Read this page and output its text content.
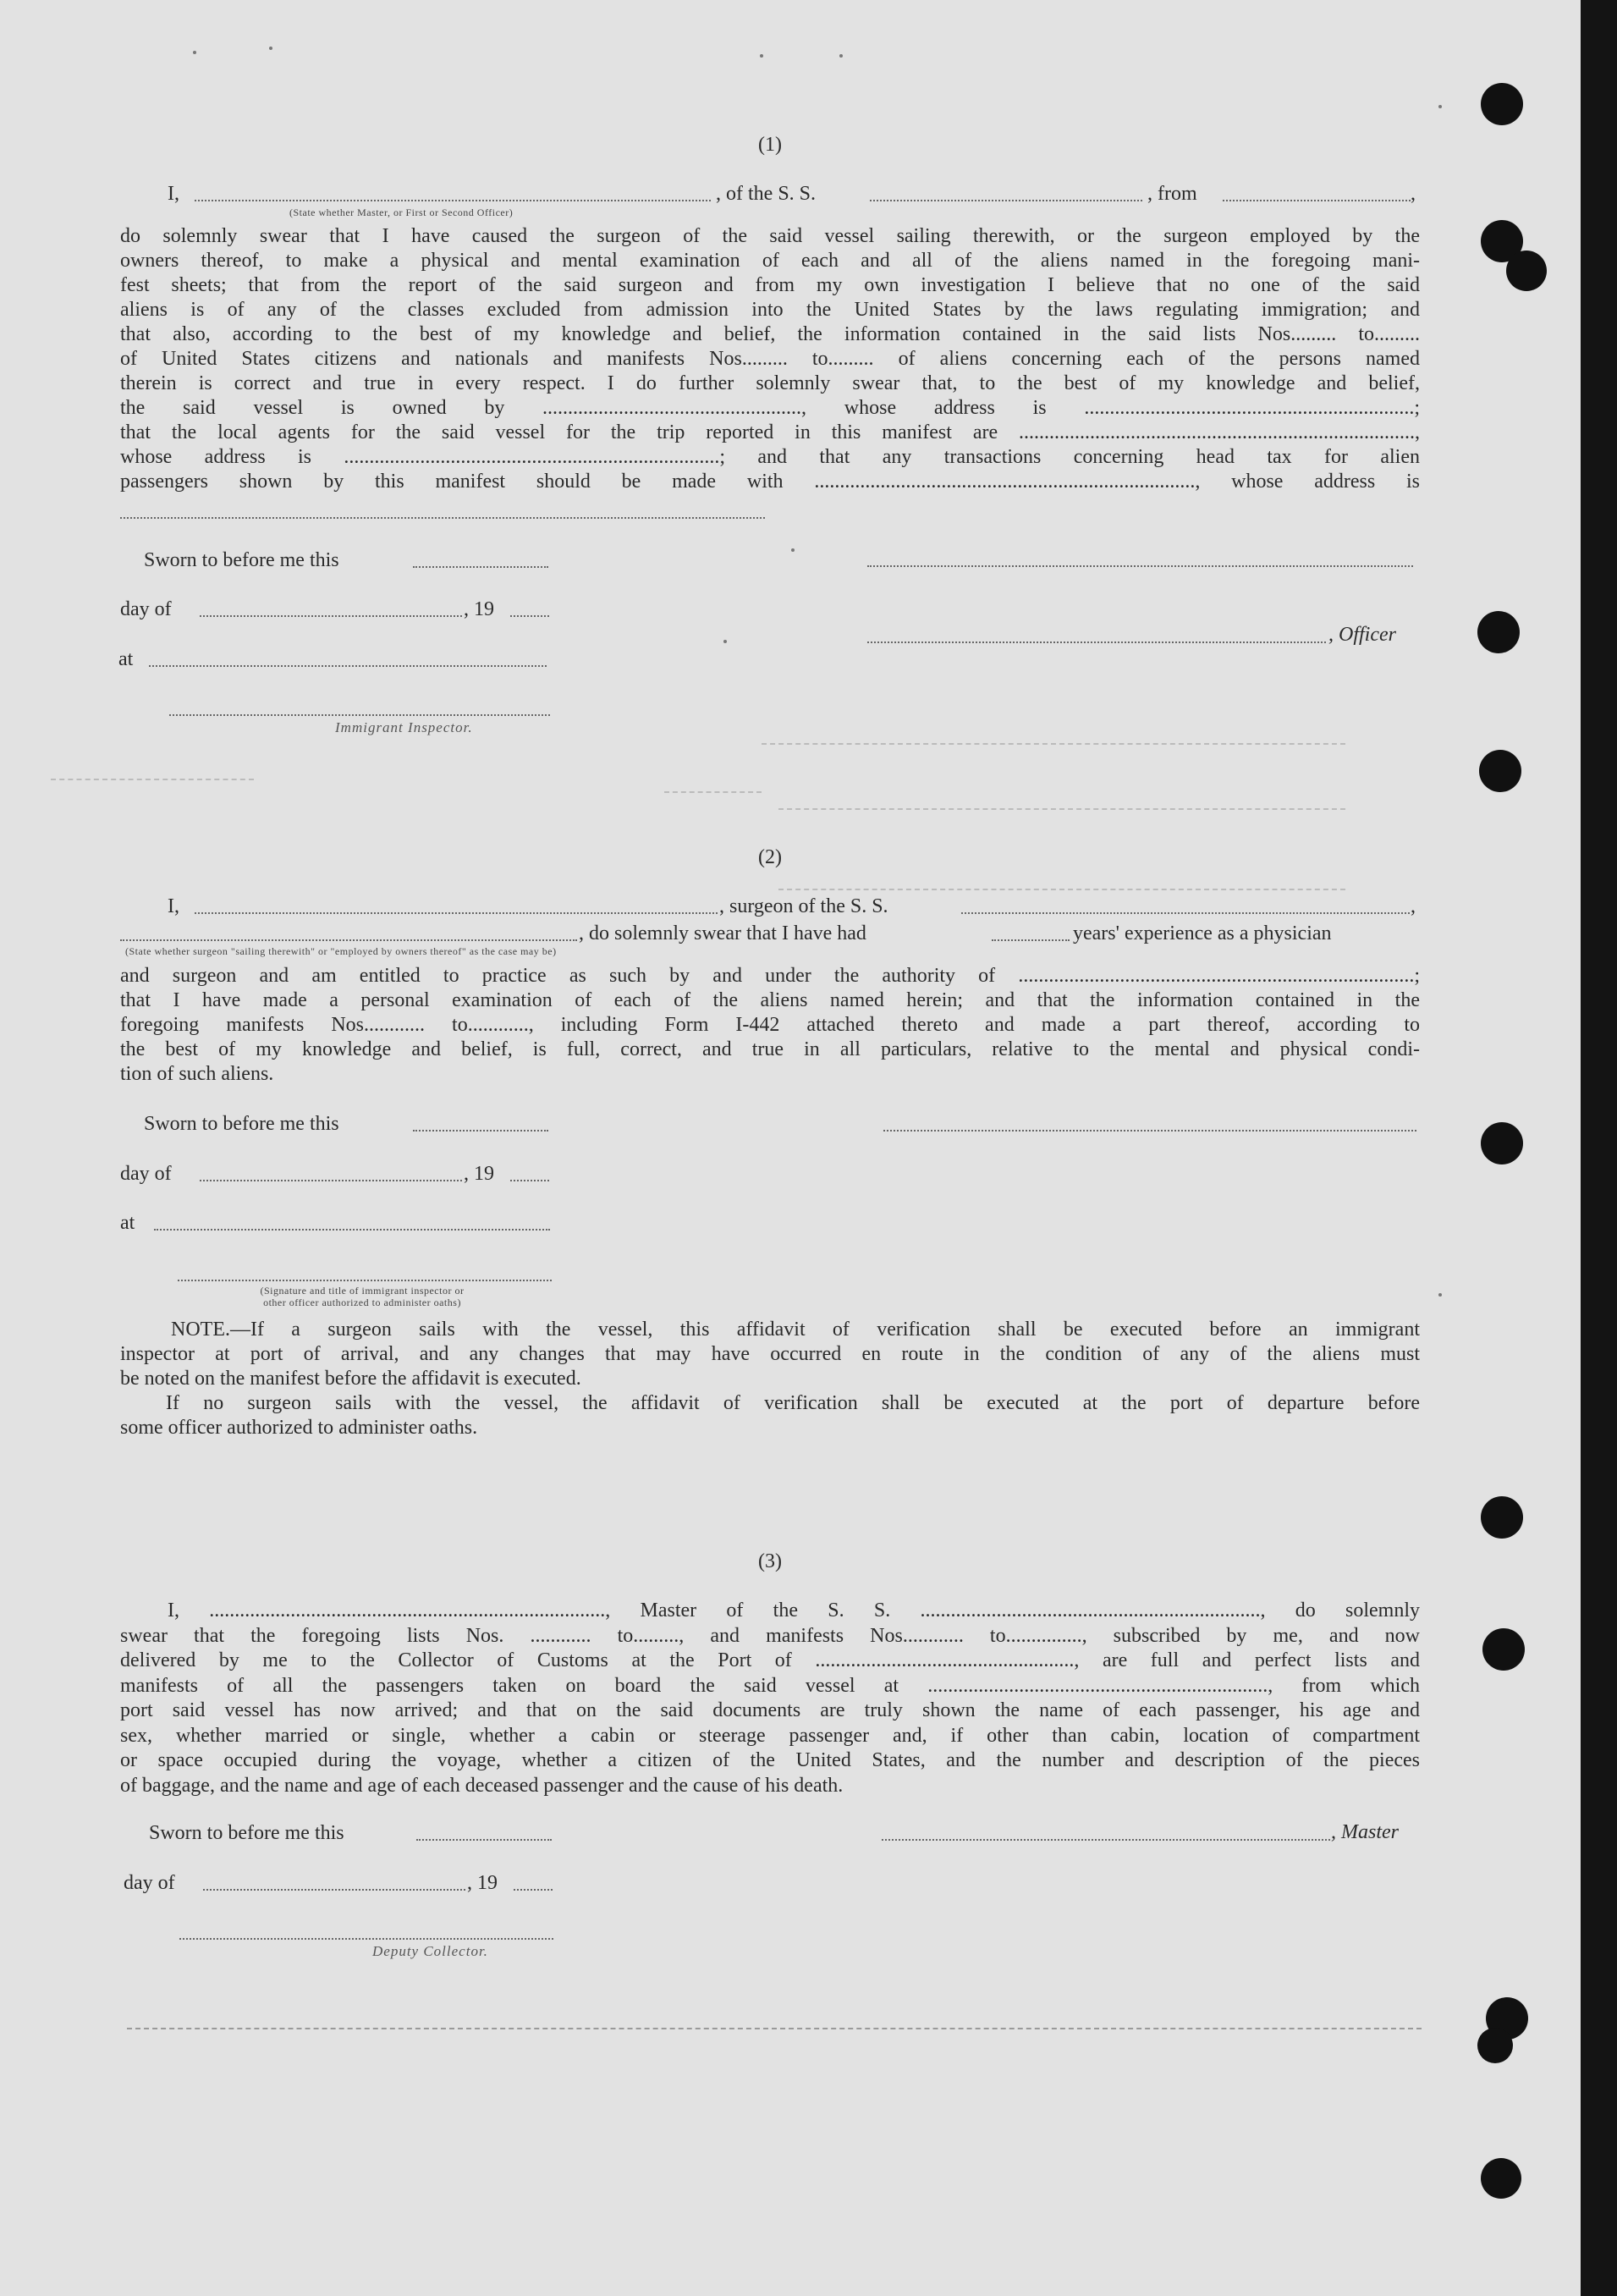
(1)
I,	, of the S. S.	, from	,
(State whether Master, or First or Second Officer)

do solemnly swear that I have caused the surgeon of the said vessel sailing therewith, or the surgeon employed by the

owners thereof, to make a physical and mental examination of each and all of the aliens named in the foregoing mani-

fest sheets; that from the report of the said surgeon and from my own investigation I believe that no one of the said

aliens is of any of the classes excluded from admission into the United States by the laws regulating immigration; and

that also, according to the best of my knowledge and belief, the information contained in the said lists Nos......... to.........

of United States citizens and nationals and manifests Nos......... to......... of aliens concerning each of the persons named

therein is correct and true in every respect. I do further solemnly swear that, to the best of my knowledge and belief,

the said vessel is owned by ..................................................., whose address is .................................................................;

that the local agents for the said vessel for the trip reported in this manifest are ..............................................................................,

whose address is ..........................................................................; and that any transactions concerning head tax for alien

passengers shown by this manifest should be made with ..........................................................................., whose address is

Sworn to before me this
day of	, 19
, Officer
at
Immigrant Inspector.
(2)
I,	, surgeon of the S. S.	,
, do solemnly swear that I have had	years' experience as a physician
(State whether surgeon "sailing therewith" or "employed by owners thereof" as the case may be)

and surgeon and am entitled to practice as such by and under the authority of ..............................................................................;

that I have made a personal examination of each of the aliens named herein; and that the information contained in the

foregoing manifests Nos............ to............, including Form I-442 attached thereto and made a part thereof, according to

the best of my knowledge and belief, is full, correct, and true in all particulars, relative to the mental and physical condi-

tion of such aliens.

Sworn to before me this
day of	, 19
at
(Signature and title of immigrant inspector or
other officer authorized to administer oaths)

NOTE.—If a surgeon sails with the vessel, this affidavit of verification shall be executed before an immigrant

inspector at port of arrival, and any changes that may have occurred en route in the condition of any of the aliens must

be noted on the manifest before the affidavit is executed.

If no surgeon sails with the vessel, the affidavit of verification shall be executed at the port of departure before

some officer authorized to administer oaths.

(3)

I, .............................................................................., Master of the S. S. ..................................................................., do solemnly

swear that the foregoing lists Nos. ............ to........., and manifests Nos............ to..............., subscribed by me, and now

delivered by me to the Collector of Customs at the Port of ..................................................., are full and perfect lists and

manifests of all the passengers taken on board the said vessel at ..................................................................., from which

port said vessel has now arrived; and that on the said documents are truly shown the name of each passenger, his age and

sex, whether married or single, whether a cabin or steerage passenger and, if other than cabin, location of compartment

or space occupied during the voyage, whether a citizen of the United States, and the number and description of the pieces

of baggage, and the name and age of each deceased passenger and the cause of his death.

Sworn to before me this	, Master
day of	, 19
Deputy Collector.
